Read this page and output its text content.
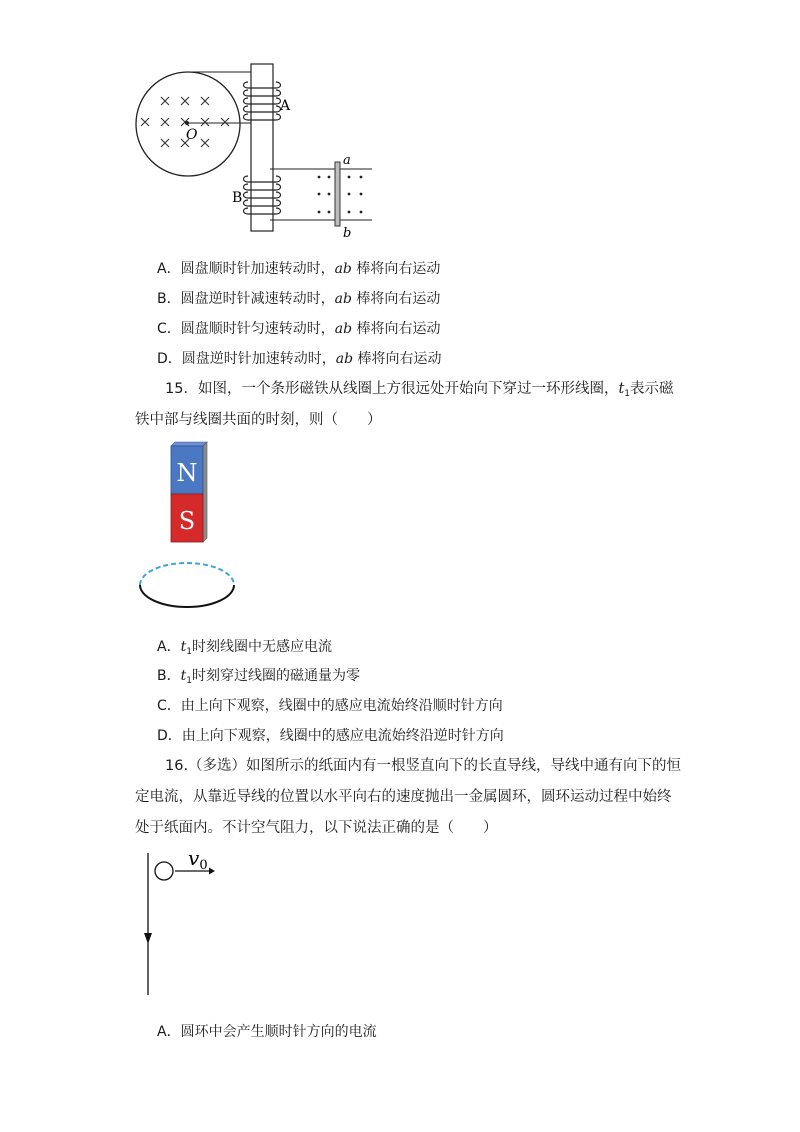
O
A
B
a
b
A．圆盘顺时针加速转动时，ab 棒将向右运动
B．圆盘逆时针减速转动时，ab 棒将向右运动
C．圆盘顺时针匀速转动时，ab 棒将向右运动
D．圆盘逆时针加速转动时，ab 棒将向右运动
15．如图，一个条形磁铁从线圈上方很远处开始向下穿过一环形线圈，$t_1$表示磁
铁中部与线圈共面的时刻，则（　　）
N
S
A．$t_1$时刻线圈中无感应电流
B．$t_1$时刻穿过线圈的磁通量为零
C．由上向下观察，线圈中的感应电流始终沿顺时针方向
D．由上向下观察，线圈中的感应电流始终沿逆时针方向
16.（多选）如图所示的纸面内有一根竖直向下的长直导线，导线中通有向下的恒
定电流，从靠近导线的位置以水平向右的速度抛出一金属圆环，圆环运动过程中始终
处于纸面内。不计空气阻力，以下说法正确的是（　　）
$v_0$
A．圆环中会产生顺时针方向的电流
